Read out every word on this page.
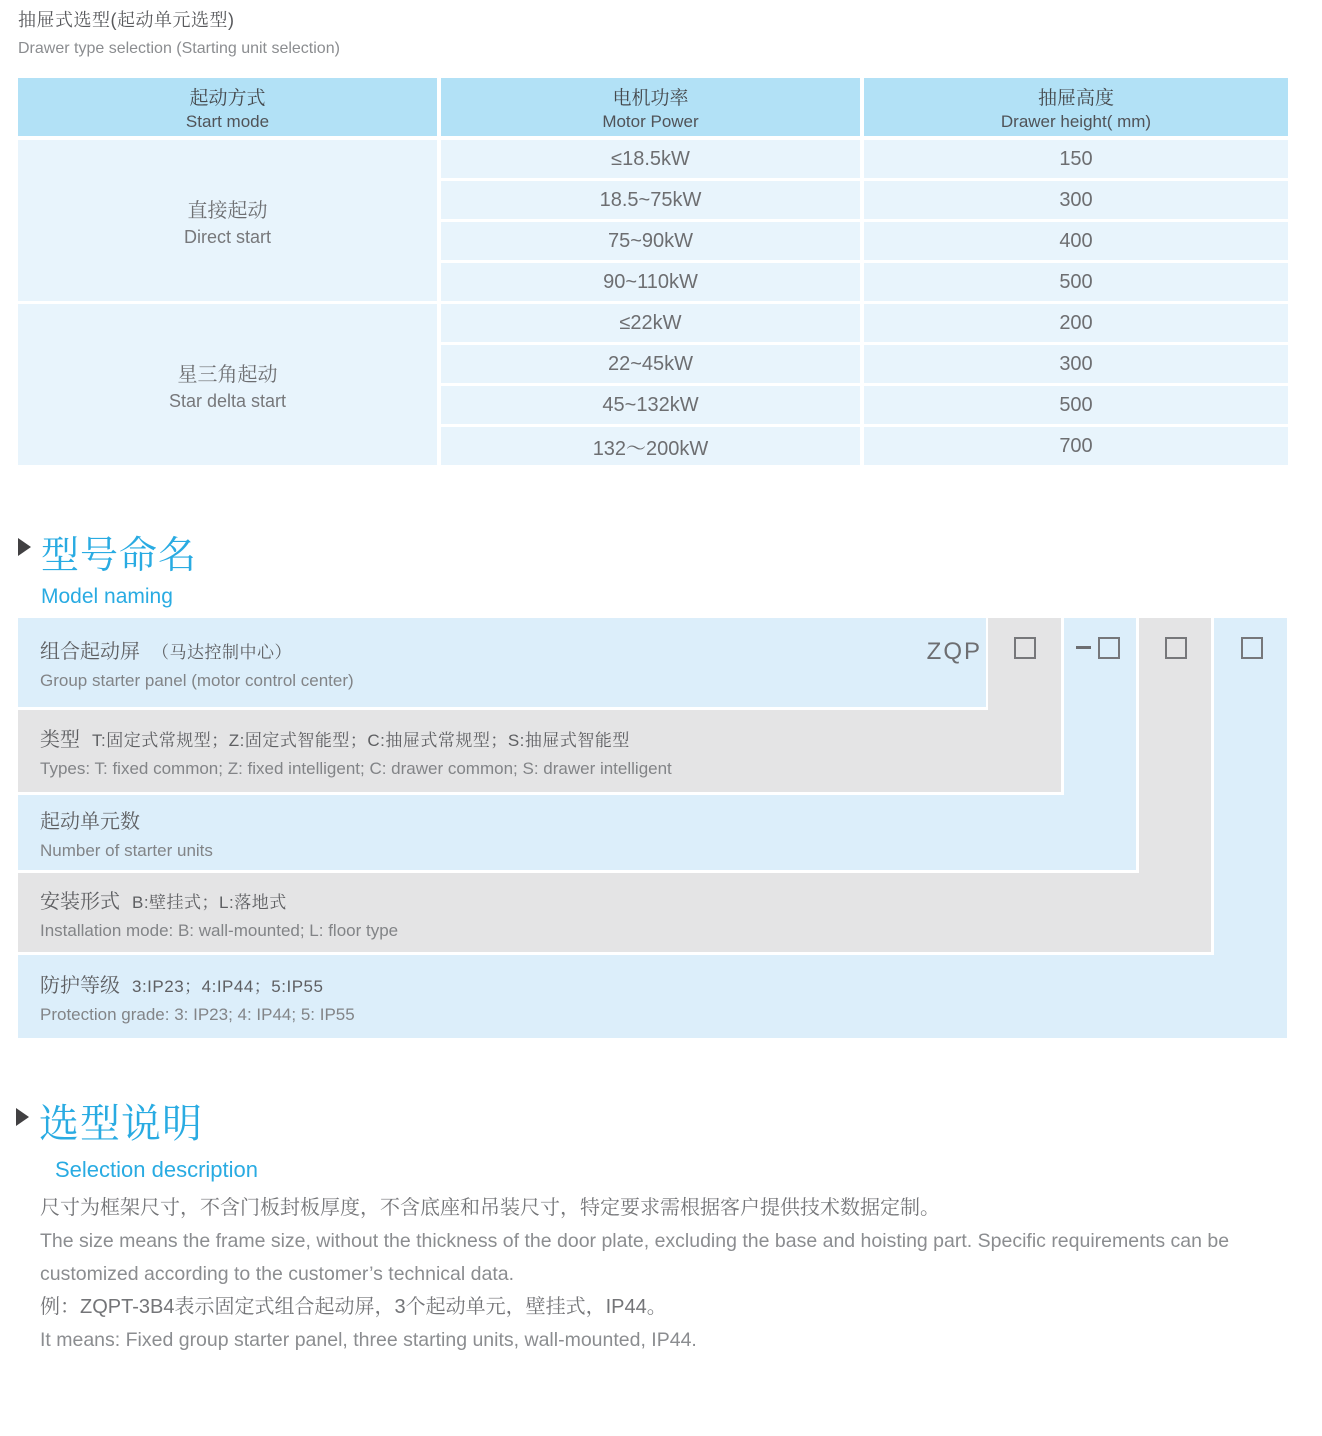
抽屉式选型(起动单元选型)
Drawer type selection (Starting unit selection)
起动方式
Start mode
电机功率
Motor Power
抽屉高度
Drawer height( mm)
直接起动
Direct start
星三角起动
Star delta start
≤18.5kW
18.5~75kW
75~90kW
90~110kW
≤22kW
22~45kW
45~132kW
132～200kW
150
300
400
500
200
300
500
700
型号命名
Model naming
组合起动屏 （马达控制中心）
Group starter panel (motor control center)
类型 T:固定式常规型；Z:固定式智能型；C:抽屉式常规型；S:抽屉式智能型
Types: T: fixed common; Z: fixed intelligent; C: drawer common; S: drawer intelligent
起动单元数
Number of starter units
安装形式 B:壁挂式；L:落地式
Installation mode: B: wall-mounted; L: floor type
防护等级 3:IP23；4:IP44；5:IP55
Protection grade: 3: IP23; 4: IP44; 5: IP55
ZQP
选型说明
Selection description
尺寸为框架尺寸，不含门板封板厚度，不含底座和吊装尺寸，特定要求需根据客户提供技术数据定制。
The size means the frame size, without the thickness of the door plate, excluding the base and hoisting part. Specific requirements can be customized according to the customer’s technical data.
例：ZQPT-3B4表示固定式组合起动屏，3个起动单元，壁挂式，IP44。
It means: Fixed group starter panel, three starting units, wall-mounted, IP44.
